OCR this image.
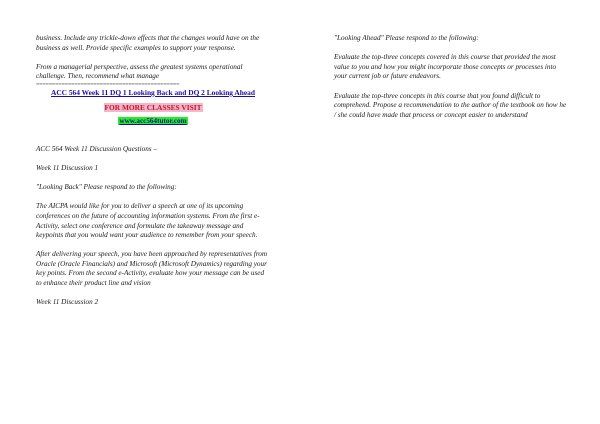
business. Include any trickle-down effects that the changes would have on the business as well. Provide specific examples to support your response.

From a managerial perspective, assess the greatest systems operational challenge. Then, recommend what manage

=============================================
ACC 564 Week 11 DQ 1 Looking Back and DQ 2 Looking Ahead
FOR MORE CLASSES VISIT
www.acc564tutor.com

ACC 564 Week 11 Discussion Questions –

Week 11 Discussion 1

"Looking Back" Please respond to the following:

The AICPA would like for you to deliver a speech at one of its upcoming conferences on the future of accounting information systems. From the first e-Activity, select one conference and formulate the takeaway message and keypoints that you would want your audience to remember from your speech.

After delivering your speech, you have been approached by representatives from Oracle (Oracle Financials) and Microsoft (Microsoft Dynamics) regarding your key points. From the second e-Activity, evaluate how your message can be used to enhance their product line and vision

Week 11 Discussion 2

"Looking Ahead" Please respond to the following:

Evaluate the top-three concepts covered in this course that provided the most value to you and how you might incorporate those concepts or processes into your current job or future endeavors.

Evaluate the top-three concepts in this course that you found difficult to comprehend. Propose a recommendation to the author of the textbook on how he / she could have made that process or concept easier to understand
